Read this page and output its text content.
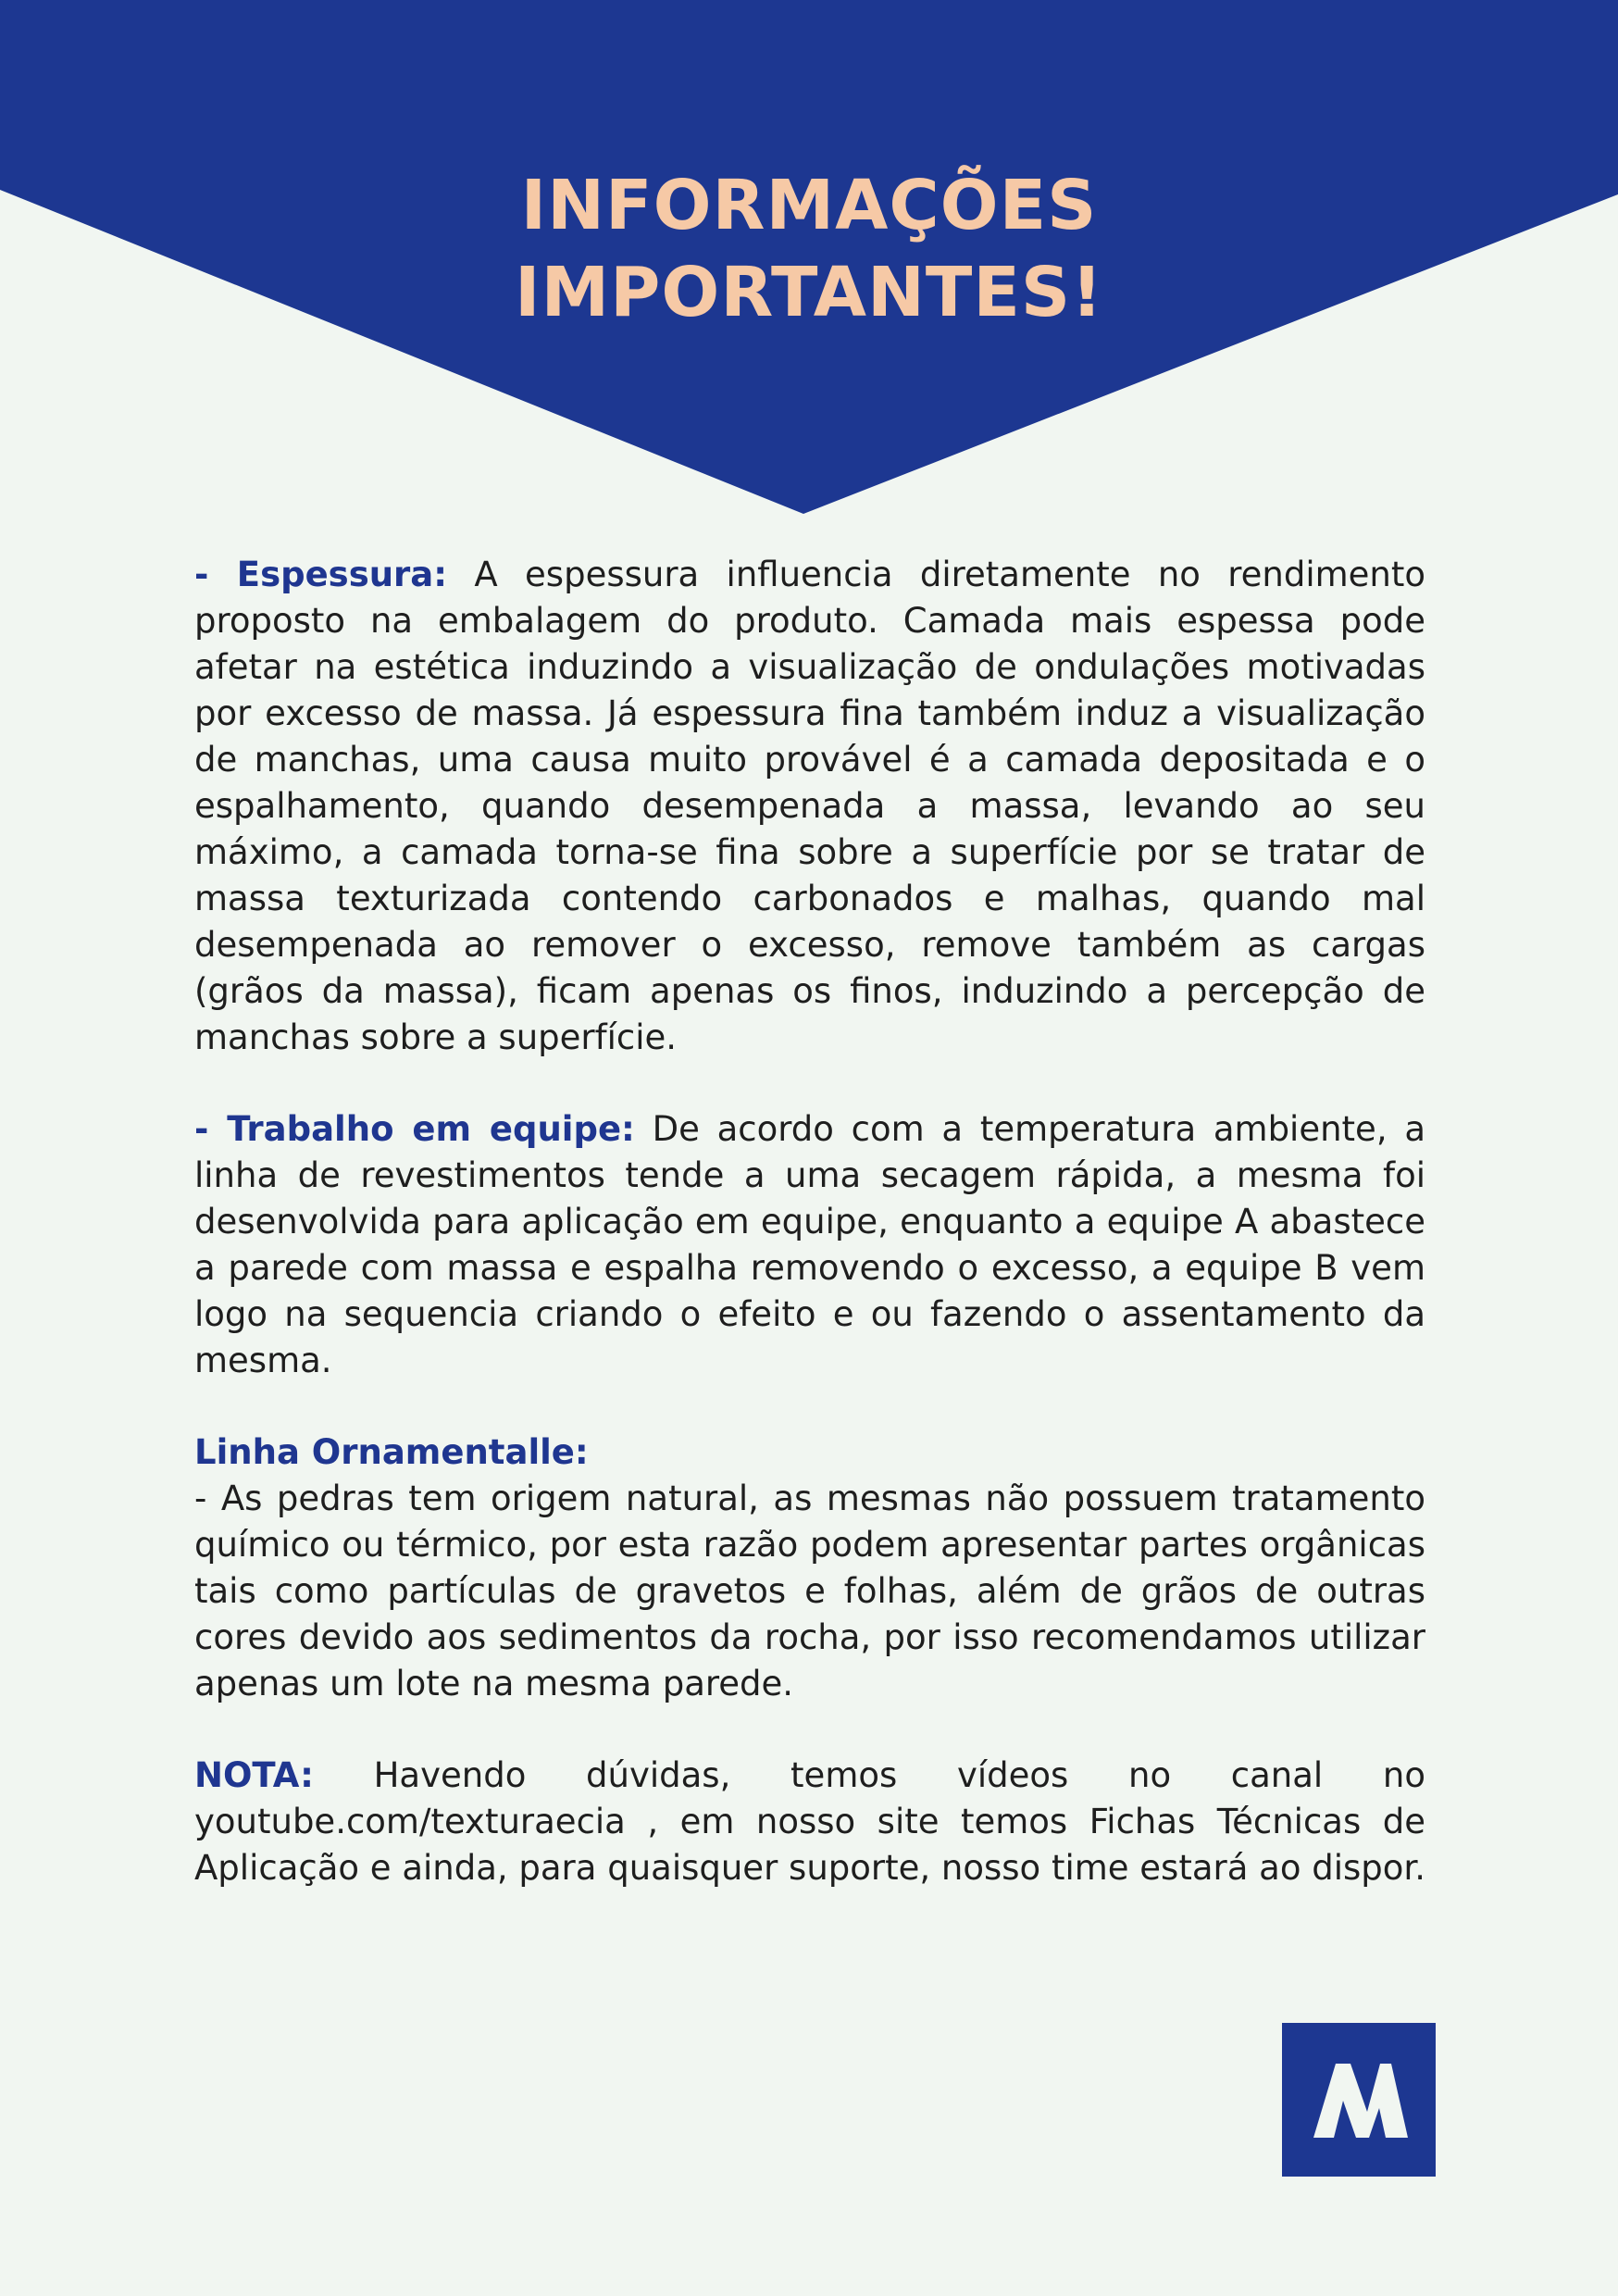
INFORMAÇÕES
IMPORTANTES!

- Espessura: A espessura influencia diretamente no rendimento proposto na embalagem do produto. Camada mais espessa pode afetar na estética induzindo a visualização de ondulações motivadas por excesso de massa. Já espessura fina também induz a visualização de manchas, uma causa muito provável é a camada depositada e o espalhamento, quando desempenada a massa, levando ao seu máximo, a camada torna-se fina sobre a superfície por se tratar de massa texturizada contendo carbonados e malhas, quando mal desempenada ao remover o excesso, remove também as cargas (grãos da massa), ficam apenas os finos, induzindo a percepção de manchas sobre a superfície.

- Trabalho em equipe: De acordo com a temperatura ambiente, a linha de revestimentos tende a uma secagem rápida, a mesma foi desenvolvida para aplicação em equipe, enquanto a equipe A abastece a parede com massa e espalha removendo o excesso, a equipe B vem logo na sequencia criando o efeito e ou fazendo o assentamento da mesma.

Linha Ornamentalle:
- As pedras tem origem natural, as mesmas não possuem tratamento químico ou térmico, por esta razão podem apresentar partes orgânicas tais como partículas de gravetos e folhas, além de grãos de outras cores devido aos sedimentos da rocha, por isso recomendamos utilizar apenas um lote na mesma parede.

NOTA: Havendo dúvidas, temos vídeos no canal no youtube.com/texturaecia , em nosso site temos Fichas Técnicas de Aplicação e ainda, para quaisquer suporte, nosso time estará ao dispor.
